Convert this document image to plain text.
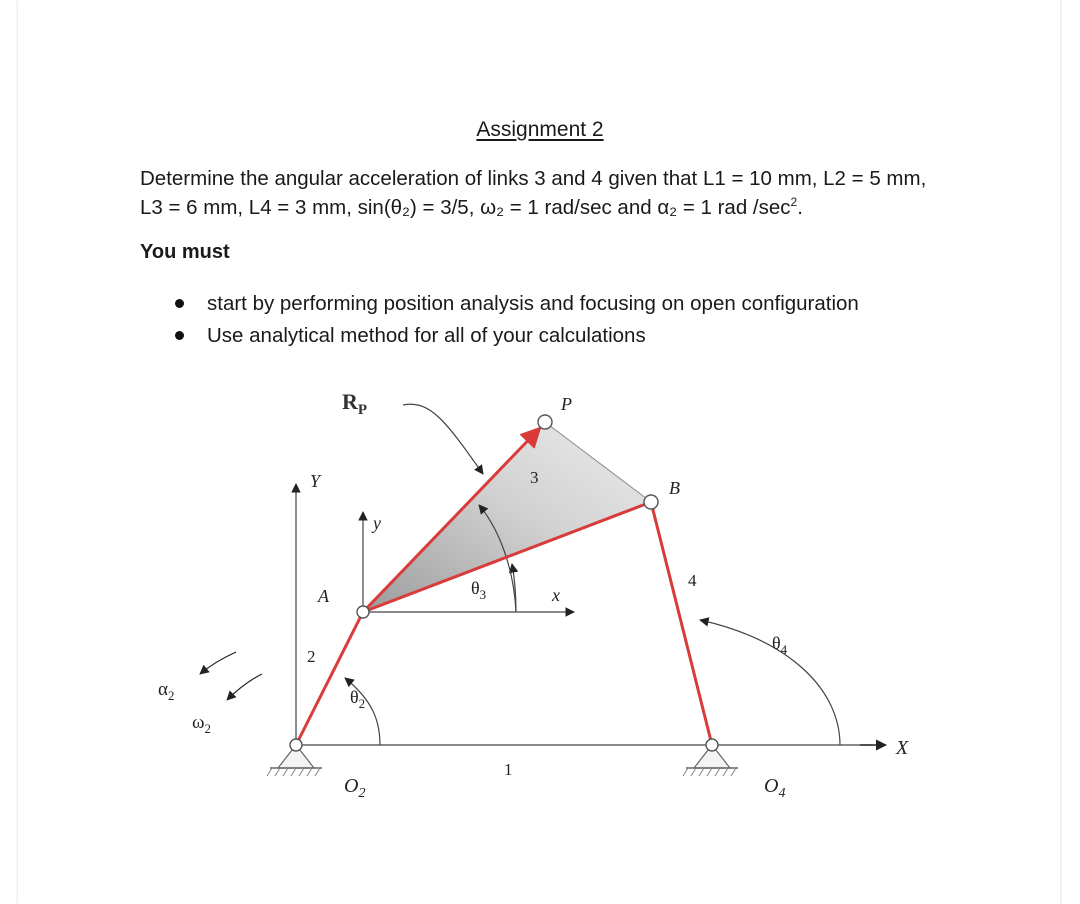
Assignment 2
Determine the angular acceleration of links 3 and 4 given that L1 = 10 mm, L2 = 5 mm, L3 = 6 mm, L4 = 3 mm, sin(θ₂) = 3/5, ω₂ = 1 rad/sec and α₂ = 1 rad $/\sec^2$.
You must
start by performing position analysis and focusing on open configuration
Use analytical method for all of your calculations
$R_P$	P
B
A
Y
y
x
X
2
3
4
1
$\theta_2$
$\theta_3$
$\theta_4$
$\alpha_2$
$\omega_2$
$O_2$	$O_4$
